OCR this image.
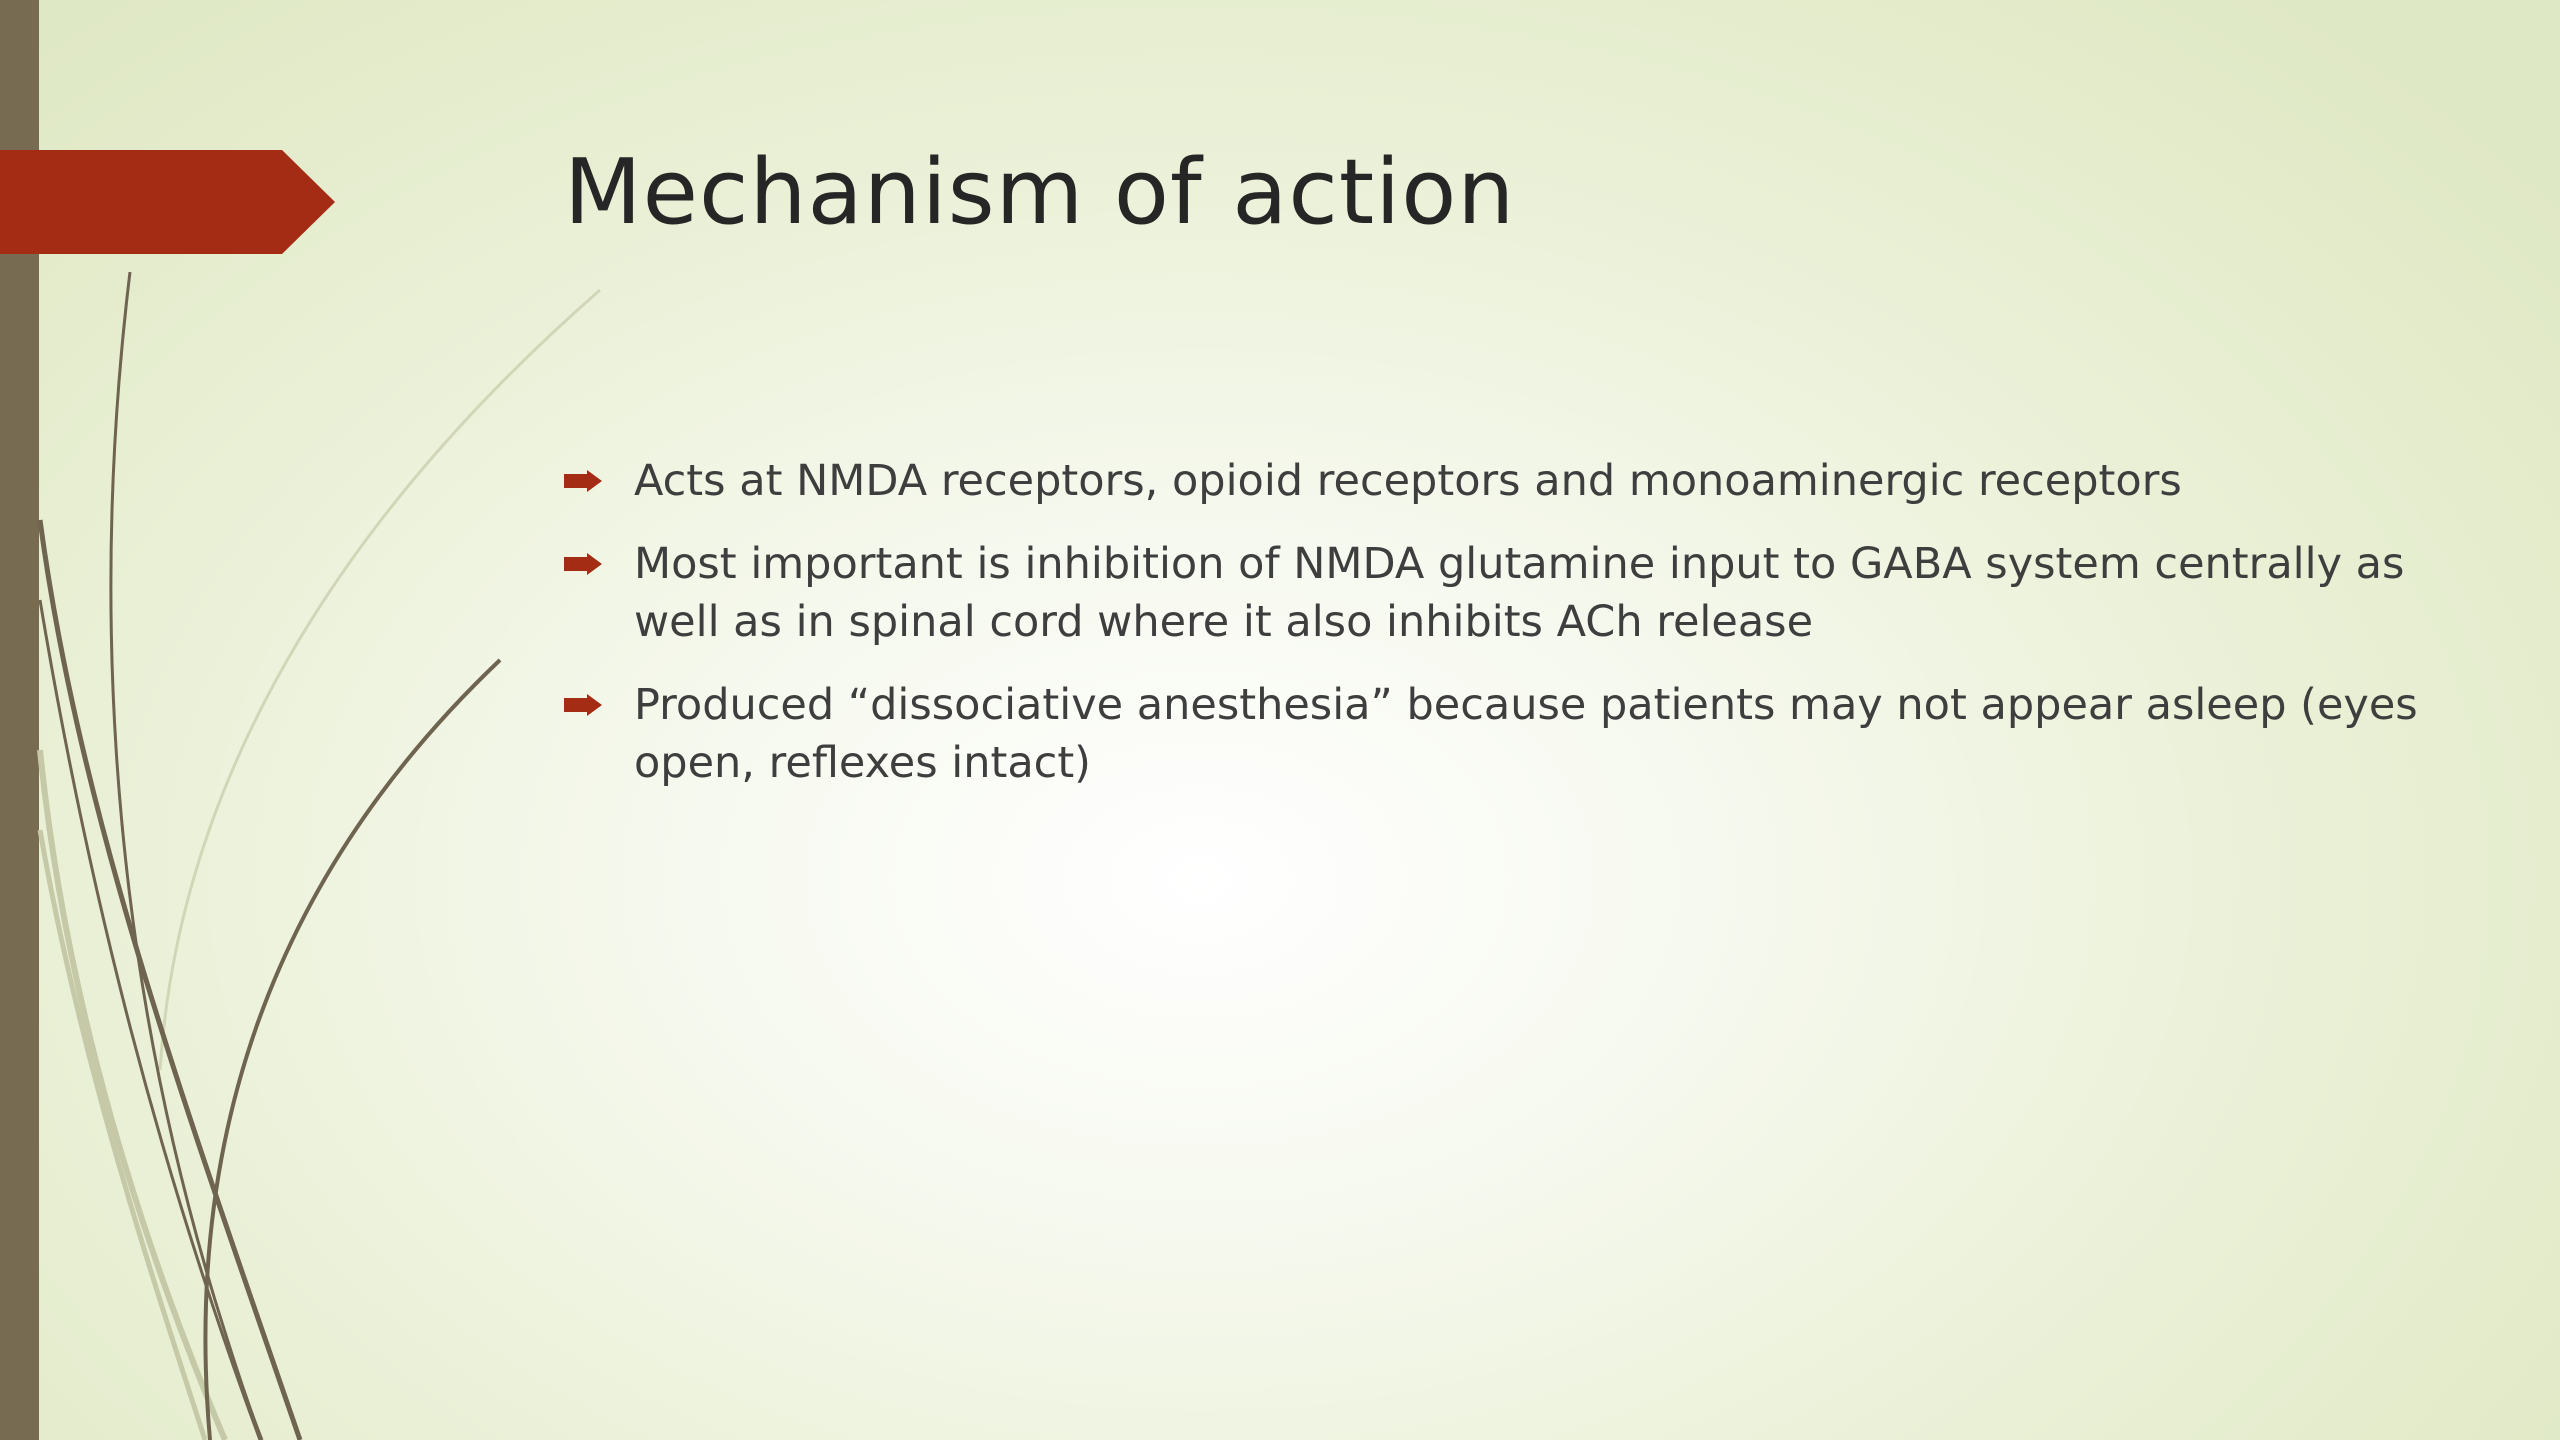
Mechanism of action
Acts at NMDA receptors, opioid receptors and monoaminergic receptors
Most important is inhibition of NMDA glutamine input to GABA system centrally as well as in spinal cord where it also inhibits ACh release
Produced “dissociative anesthesia” because patients may not appear asleep (eyes open, reflexes intact)
